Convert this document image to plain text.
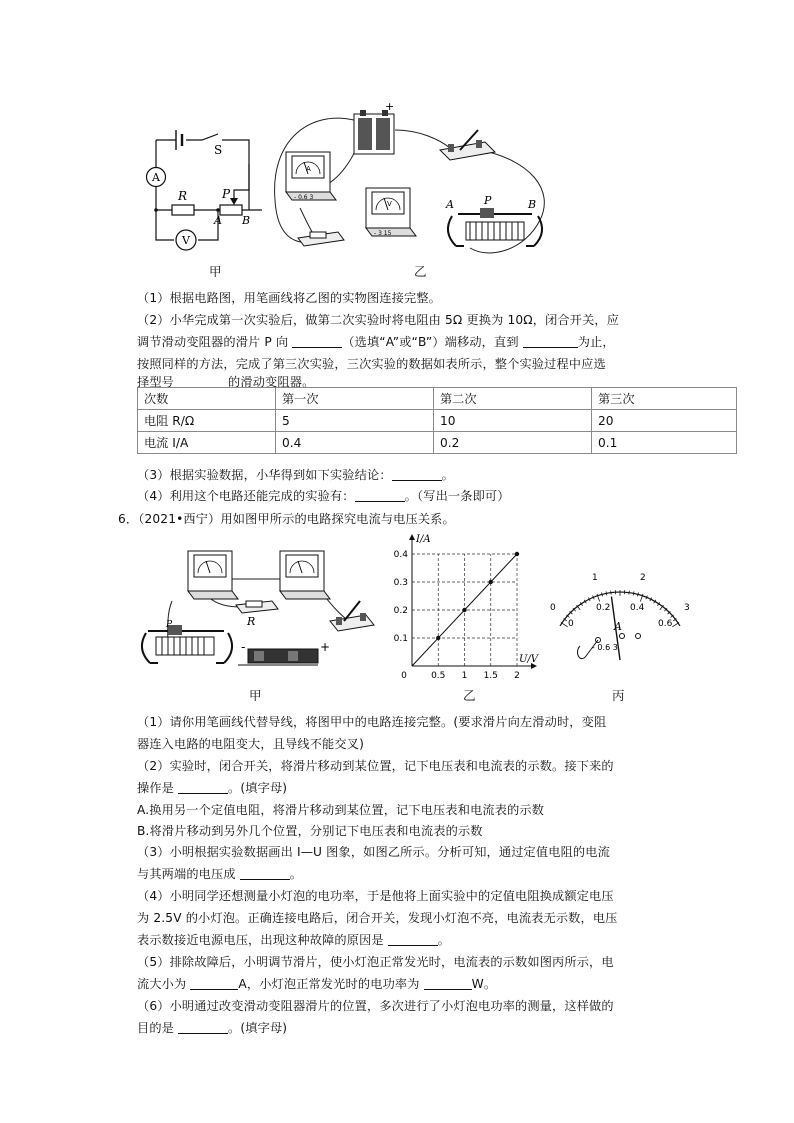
A
V
S
R	P
A B
+
A
- 0.6 3
V
- 3 15
A	P	B
甲	乙
（1）根据电路图，用笔画线将乙图的实物图连接完整。
（2）小华完成第一次实验后，做第二次实验时将电阻由 5Ω 更换为 10Ω，闭合开关，应
调节滑动变阻器的滑片 P 向	（选填“A”或“B”）端移动，直到	为止，
按照同样的方法，完成了第三次实验，三次实验的数据如表所示，整个实验过程中应选
择型号	的滑动变阻器。
次数	第一次	第二次	第三次
电阻 R/Ω	5	10	20
电流 I/A	0.4	0.2	0.1
（3）根据实验数据，小华得到如下实验结论：	。
（4）利用这个电路还能完成的实验有：	。（写出一条即可）
6．（2021•西宁）用如图甲所示的电路探究电流与电压关系。
R
P
-	+
0	0.5 1 1.5 2
0.1
0.2
0.3
0.4
I/A
U/V
0
1	2
3
0
0.2 0.4
0.6
A
- 0.6 3
甲	乙	丙
（1）请你用笔画线代替导线，将图甲中的电路连接完整。(要求滑片向左滑动时，变阻
器连入电路的电阻变大，且导线不能交叉)
（2）实验时，闭合开关，将滑片移动到某位置，记下电压表和电流表的示数。接下来的
操作是	。(填字母)
A.换用另一个定值电阻，将滑片移动到某位置，记下电压表和电流表的示数
B.将滑片移动到另外几个位置，分别记下电压表和电流表的示数
（3）小明根据实验数据画出 I—U 图象，如图乙所示。分析可知，通过定值电阻的电流
与其两端的电压成	。
（4）小明同学还想测量小灯泡的电功率，于是他将上面实验中的定值电阻换成额定电压
为 2.5V 的小灯泡。正确连接电路后，闭合开关，发现小灯泡不亮，电流表无示数，电压
表示数接近电源电压，出现这种故障的原因是	。
（5）排除故障后，小明调节滑片，使小灯泡正常发光时，电流表的示数如图丙所示，电
流大小为	A，小灯泡正常发光时的电功率为	W。
（6）小明通过改变滑动变阻器滑片的位置，多次进行了小灯泡电功率的测量，这样做的
目的是	。(填字母)
